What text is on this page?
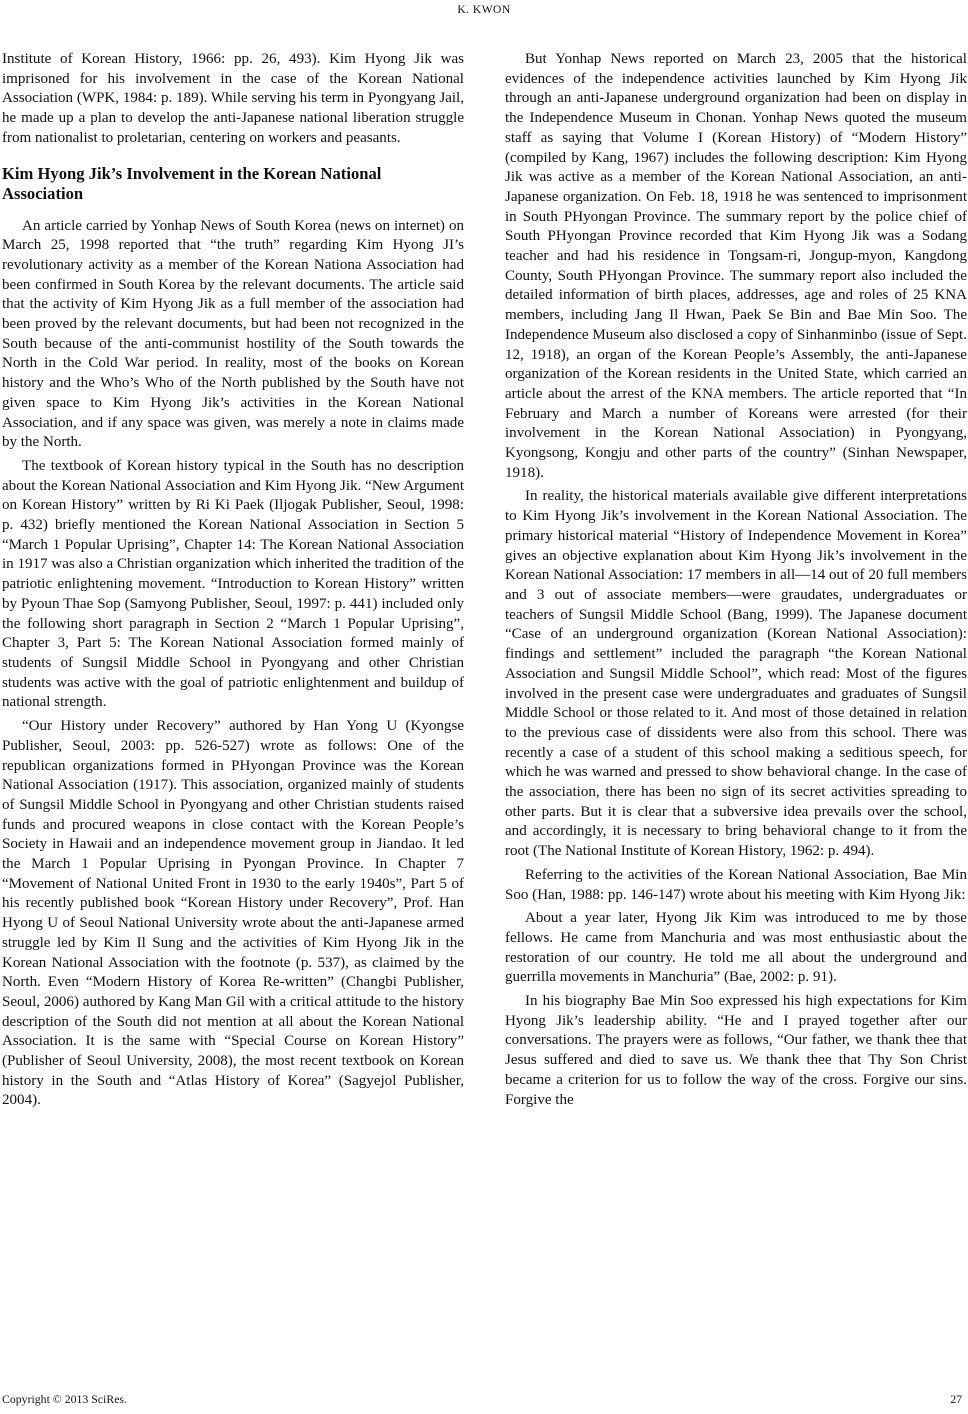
K. KWON

Institute of Korean History, 1966: pp. 26, 493). Kim Hyong Jik was imprisoned for his involvement in the case of the Korean National Association (WPK, 1984: p. 189). While serving his term in Pyongyang Jail, he made up a plan to develop the anti-Japanese national liberation struggle from nationalist to proletarian, centering on workers and peasants.

Kim Hyong Jik’s Involvement in the Korean National Association

An article carried by Yonhap News of South Korea (news on internet) on March 25, 1998 reported that “the truth” regarding Kim Hyong JI’s revolutionary activity as a member of the Korean Nationa Association had been confirmed in South Korea by the relevant documents. The article said that the activity of Kim Hyong Jik as a full member of the association had been proved by the relevant documents, but had been not recognized in the South because of the anti-communist hostility of the South towards the North in the Cold War period. In reality, most of the books on Korean history and the Who’s Who of the North published by the South have not given space to Kim Hyong Jik’s activities in the Korean National Association, and if any space was given, was merely a note in claims made by the North.

The textbook of Korean history typical in the South has no description about the Korean National Association and Kim Hyong Jik. “New Argument on Korean History” written by Ri Ki Paek (Iljogak Publisher, Seoul, 1998: p. 432) briefly mentioned the Korean National Association in Section 5 “March 1 Popular Uprising”, Chapter 14: The Korean National Association in 1917 was also a Christian organization which inherited the tradition of the patriotic enlightening movement. “Introduction to Korean History” written by Pyoun Thae Sop (Samyong Publisher, Seoul, 1997: p. 441) included only the following short paragraph in Section 2 “March 1 Popular Uprising”, Chapter 3, Part 5: The Korean National Association formed mainly of students of Sungsil Middle School in Pyongyang and other Christian students was active with the goal of patriotic enlightenment and buildup of national strength.

“Our History under Recovery” authored by Han Yong U (Kyongse Publisher, Seoul, 2003: pp. 526-527) wrote as follows: One of the republican organizations formed in PHyongan Province was the Korean National Association (1917). This association, organized mainly of students of Sungsil Middle School in Pyongyang and other Christian students raised funds and procured weapons in close contact with the Korean People’s Society in Hawaii and an independence movement group in Jiandao. It led the March 1 Popular Uprising in Pyongan Province. In Chapter 7 “Movement of National United Front in 1930 to the early 1940s”, Part 5 of his recently published book “Korean History under Recovery”, Prof. Han Hyong U of Seoul National University wrote about the anti-Japanese armed struggle led by Kim Il Sung and the activities of Kim Hyong Jik in the Korean National Association with the footnote (p. 537), as claimed by the North. Even “Modern History of Korea Re-written” (Changbi Publisher, Seoul, 2006) authored by Kang Man Gil with a critical attitude to the history description of the South did not mention at all about the Korean National Association. It is the same with “Special Course on Korean History” (Publisher of Seoul University, 2008), the most recent textbook on Korean history in the South and “Atlas History of Korea” (Sagyejol Publisher, 2004).

But Yonhap News reported on March 23, 2005 that the historical evidences of the independence activities launched by Kim Hyong Jik through an anti-Japanese underground organization had been on display in the Independence Museum in Chonan. Yonhap News quoted the museum staff as saying that Volume I (Korean History) of “Modern History” (compiled by Kang, 1967) includes the following description: Kim Hyong Jik was active as a member of the Korean National Association, an anti-Japanese organization. On Feb. 18, 1918 he was sentenced to imprisonment in South PHyongan Province. The summary report by the police chief of South PHyongan Province recorded that Kim Hyong Jik was a Sodang teacher and had his residence in Tongsam-ri, Jongup-myon, Kangdong County, South PHyongan Province. The summary report also included the detailed information of birth places, addresses, age and roles of 25 KNA members, including Jang Il Hwan, Paek Se Bin and Bae Min Soo. The Independence Museum also disclosed a copy of Sinhanminbo (issue of Sept. 12, 1918), an organ of the Korean People’s Assembly, the anti-Japanese organization of the Korean residents in the United State, which carried an article about the arrest of the KNA members. The article reported that “In February and March a number of Koreans were arrested (for their involvement in the Korean National Association) in Pyongyang, Kyongsong, Kongju and other parts of the country” (Sinhan Newspaper, 1918).

In reality, the historical materials available give different interpretations to Kim Hyong Jik’s involvement in the Korean National Association. The primary historical material “History of Independence Movement in Korea” gives an objective explanation about Kim Hyong Jik’s involvement in the Korean National Association: 17 members in all—14 out of 20 full members and 3 out of associate members—were graudates, undergraduates or teachers of Sungsil Middle School (Bang, 1999). The Japanese document “Case of an underground organization (Korean National Association): findings and settlement” included the paragraph “the Korean National Association and Sungsil Middle School”, which read: Most of the figures involved in the present case were undergraduates and graduates of Sungsil Middle School or those related to it. And most of those detained in relation to the previous case of dissidents were also from this school. There was recently a case of a student of this school making a seditious speech, for which he was warned and pressed to show behavioral change. In the case of the association, there has been no sign of its secret activities spreading to other parts. But it is clear that a subversive idea prevails over the school, and accordingly, it is necessary to bring behavioral change to it from the root (The National Institute of Korean History, 1962: p. 494).

Referring to the activities of the Korean National Association, Bae Min Soo (Han, 1988: pp. 146-147) wrote about his meeting with Kim Hyong Jik:

About a year later, Hyong Jik Kim was introduced to me by those fellows. He came from Manchuria and was most enthusiastic about the restoration of our country. He told me all about the underground and guerrilla movements in Manchuria” (Bae, 2002: p. 91).

In his biography Bae Min Soo expressed his high expectations for Kim Hyong Jik’s leadership ability. “He and I prayed together after our conversations. The prayers were as follows, “Our father, we thank thee that Jesus suffered and died to save us. We thank thee that Thy Son Christ became a criterion for us to follow the way of the cross. Forgive our sins. Forgive the

Copyright © 2013 SciRes.	27
